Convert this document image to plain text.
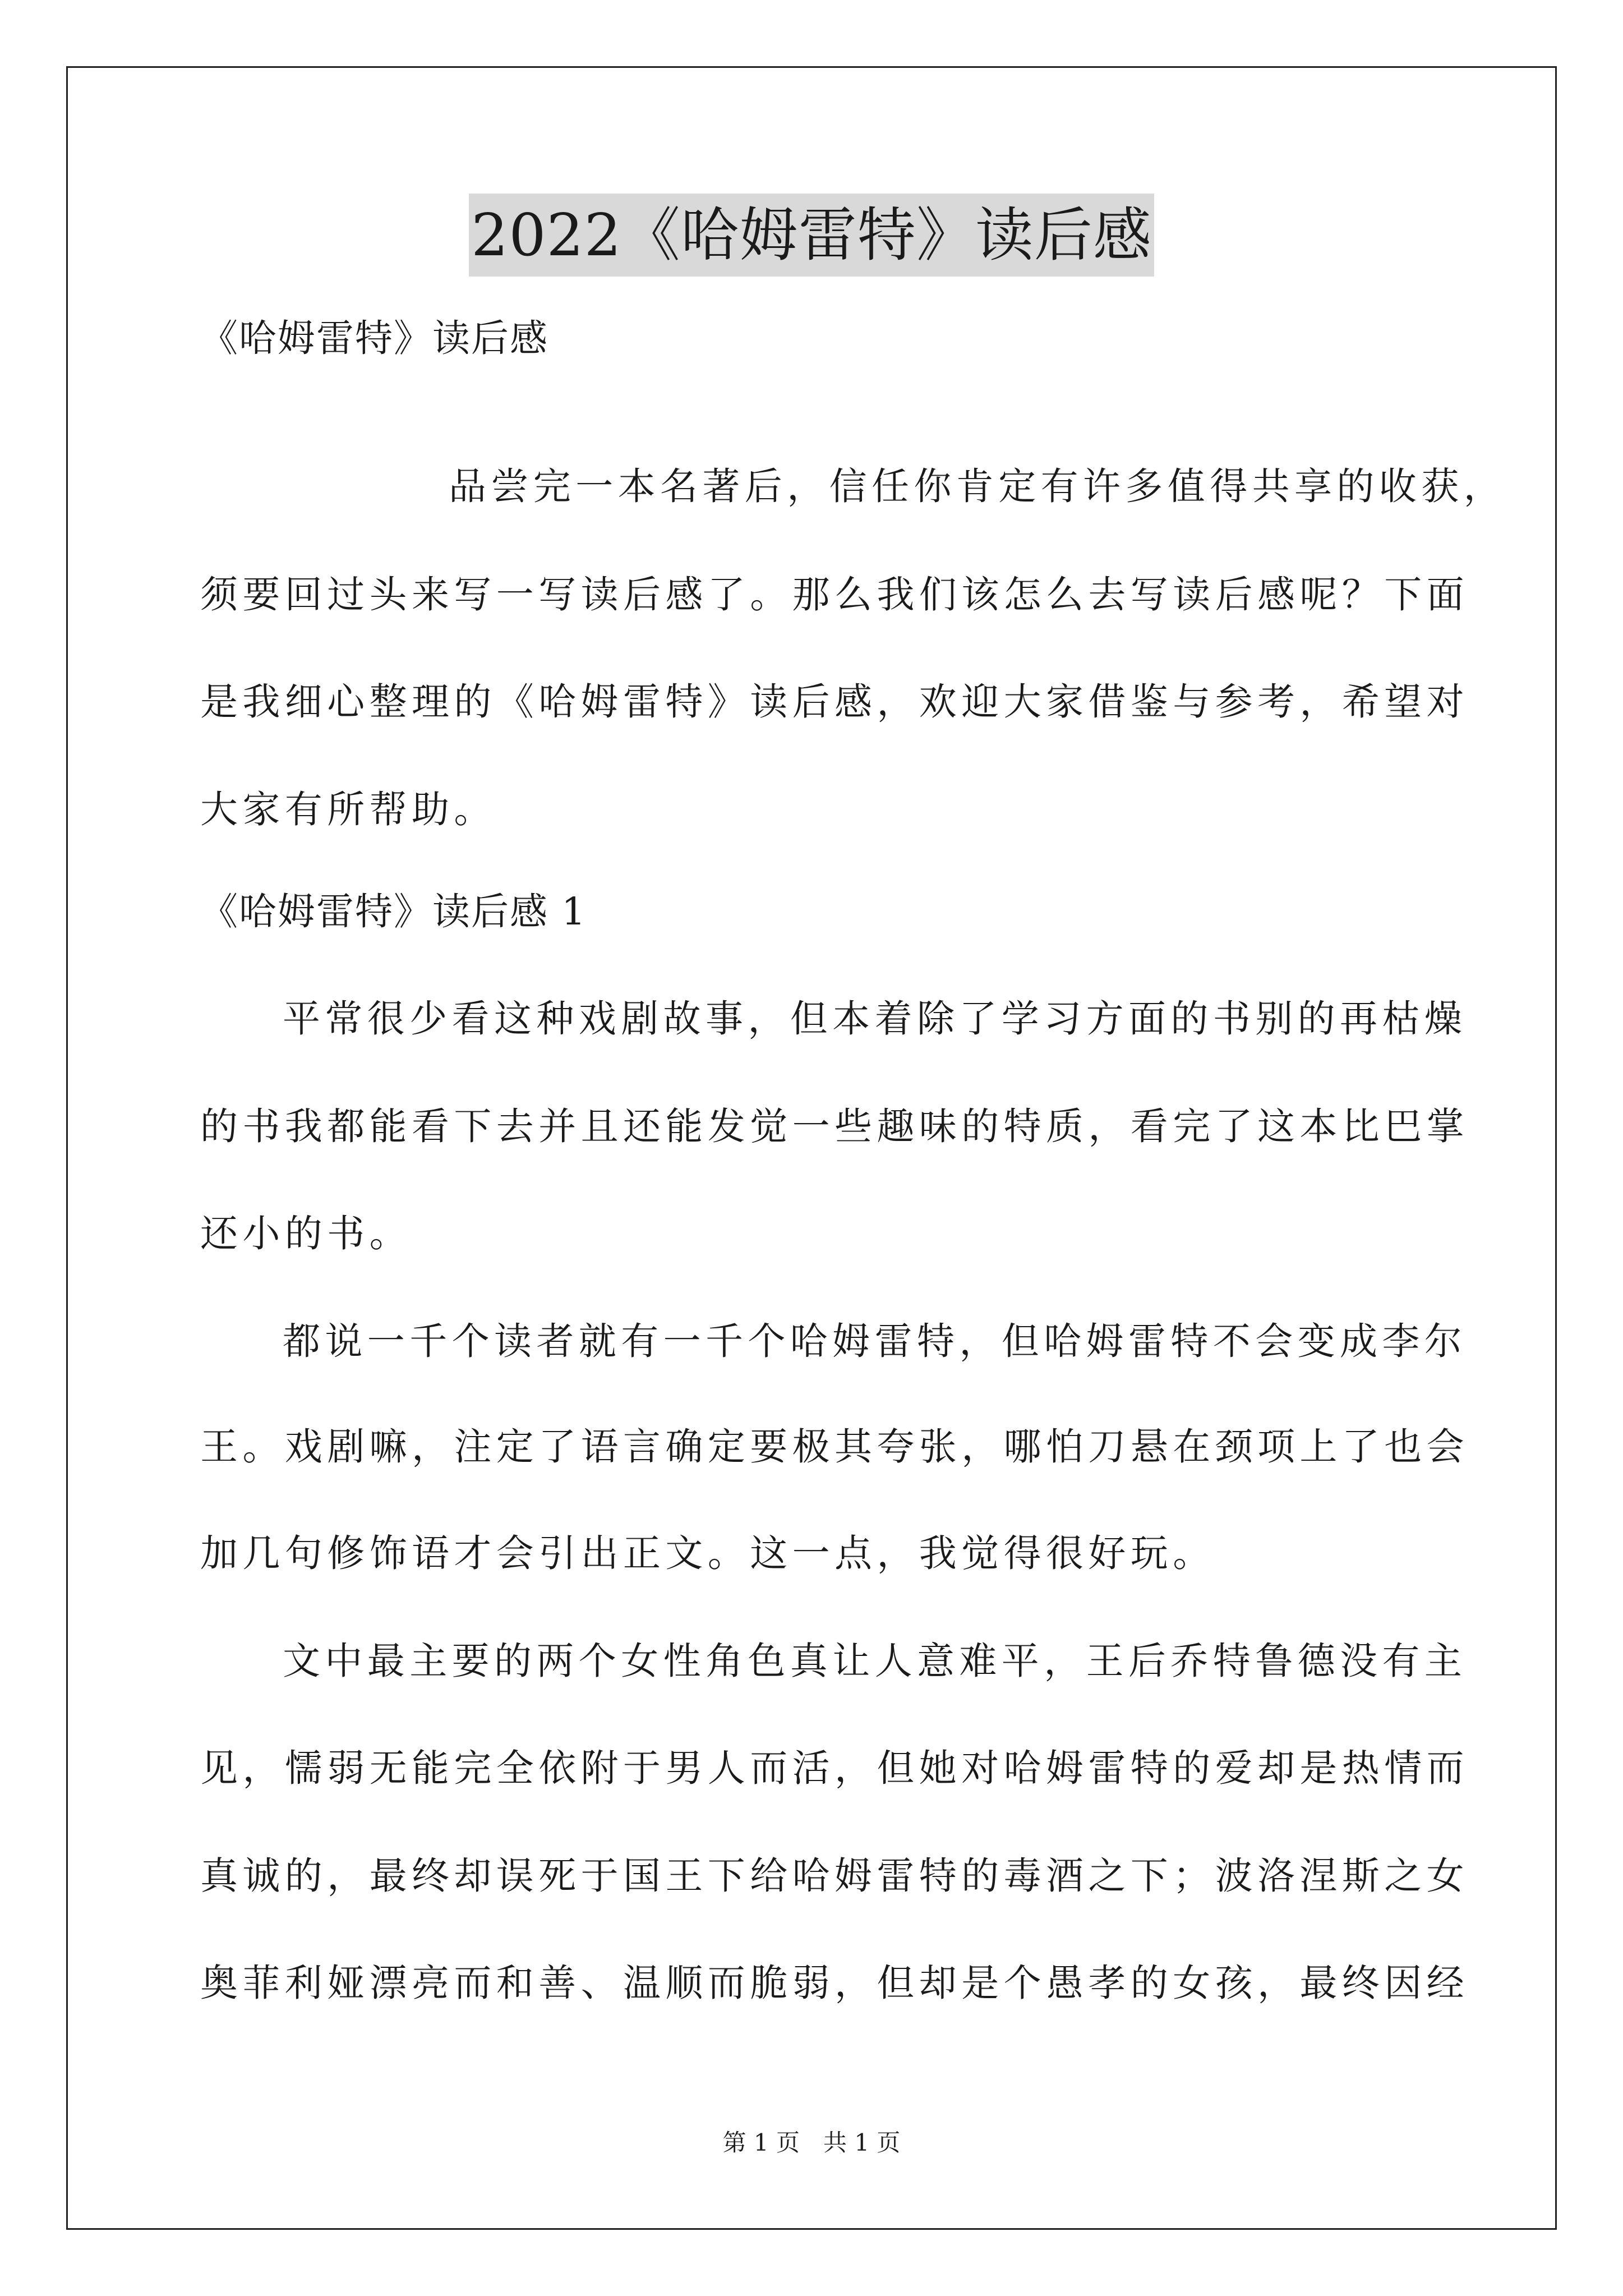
2022《哈姆雷特》读后感
《哈姆雷特》读后感
品尝完一本名著后，信任你肯定有许多值得共享的收获，
须要回过头来写一写读后感了。那么我们该怎么去写读后感呢？下面
是我细心整理的《哈姆雷特》读后感，欢迎大家借鉴与参考，希望对
大家有所帮助。
《哈姆雷特》读后感 1
平常很少看这种戏剧故事，但本着除了学习方面的书别的再枯燥
的书我都能看下去并且还能发觉一些趣味的特质，看完了这本比巴掌
还小的书。
都说一千个读者就有一千个哈姆雷特，但哈姆雷特不会变成李尔
王。戏剧嘛，注定了语言确定要极其夸张，哪怕刀悬在颈项上了也会
加几句修饰语才会引出正文。这一点，我觉得很好玩。
文中最主要的两个女性角色真让人意难平，王后乔特鲁德没有主
见，懦弱无能完全依附于男人而活，但她对哈姆雷特的爱却是热情而
真诚的，最终却误死于国王下给哈姆雷特的毒酒之下；波洛涅斯之女
奥菲利娅漂亮而和善、温顺而脆弱，但却是个愚孝的女孩，最终因经
第 1 页　共 1 页
